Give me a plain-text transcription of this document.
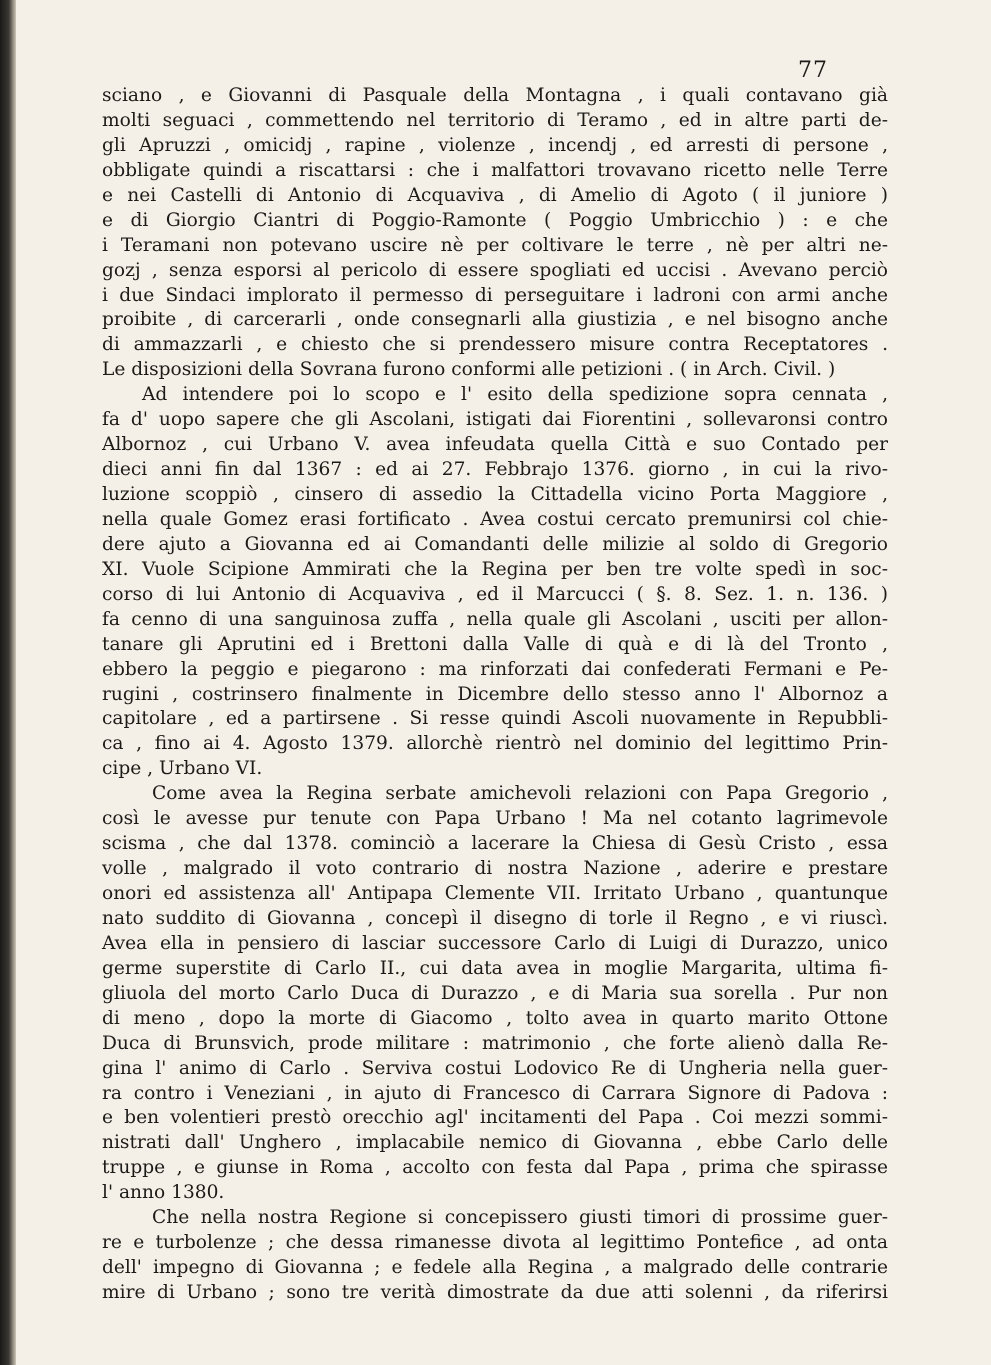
77
sciano , e Giovanni di Pasquale della Montagna , i quali contavano già
molti seguaci , commettendo nel territorio di Teramo , ed in altre parti de-
gli Apruzzi , omicidj , rapine , violenze , incendj , ed arresti di persone ,
obbligate quindi a riscattarsi : che i malfattori trovavano ricetto nelle Terre
e nei Castelli di Antonio di Acquaviva , di Amelio di Agoto ( il juniore )
e di Giorgio Ciantri di Poggio-Ramonte ( Poggio Umbricchio ) : e che
i Teramani non potevano uscire nè per coltivare le terre , nè per altri ne-
gozj , senza esporsi al pericolo di essere spogliati ed uccisi . Avevano perciò
i due Sindaci implorato il permesso di perseguitare i ladroni con armi anche
proibite , di carcerarli , onde consegnarli alla giustizia , e nel bisogno anche
di ammazzarli , e chiesto che si prendessero misure contra Receptatores .
Le disposizioni della Sovrana furono conformi alle petizioni . ( in Arch. Civil. )
Ad intendere poi lo scopo e l' esito della spedizione sopra cennata ,
fa d' uopo sapere che gli Ascolani, istigati dai Fiorentini , sollevaronsi contro
Albornoz , cui Urbano V. avea infeudata quella Città e suo Contado per
dieci anni fin dal 1367 : ed ai 27. Febbrajo 1376. giorno , in cui la rivo-
luzione scoppiò , cinsero di assedio la Cittadella vicino Porta Maggiore ,
nella quale Gomez erasi fortificato . Avea costui cercato premunirsi col chie-
dere ajuto a Giovanna ed ai Comandanti delle milizie al soldo di Gregorio
XI. Vuole Scipione Ammirati che la Regina per ben tre volte spedì in soc-
corso di lui Antonio di Acquaviva , ed il Marcucci ( §. 8. Sez. 1. n. 136. )
fa cenno di una sanguinosa zuffa , nella quale gli Ascolani , usciti per allon-
tanare gli Aprutini ed i Brettoni dalla Valle di quà e di là del Tronto ,
ebbero la peggio e piegarono : ma rinforzati dai confederati Fermani e Pe-
rugini , costrinsero finalmente in Dicembre dello stesso anno l' Albornoz a
capitolare , ed a partirsene . Si resse quindi Ascoli nuovamente in Repubbli-
ca , fino ai 4. Agosto 1379. allorchè rientrò nel dominio del legittimo Prin-
cipe , Urbano VI.
Come avea la Regina serbate amichevoli relazioni con Papa Gregorio ,
così le avesse pur tenute con Papa Urbano ! Ma nel cotanto lagrimevole
scisma , che dal 1378. cominciò a lacerare la Chiesa di Gesù Cristo , essa
volle , malgrado il voto contrario di nostra Nazione , aderire e prestare
onori ed assistenza all' Antipapa Clemente VII. Irritato Urbano , quantunque
nato suddito di Giovanna , concepì il disegno di torle il Regno , e vi riuscì.
Avea ella in pensiero di lasciar successore Carlo di Luigi di Durazzo, unico
germe superstite di Carlo II., cui data avea in moglie Margarita, ultima fi-
gliuola del morto Carlo Duca di Durazzo , e di Maria sua sorella . Pur non
di meno , dopo la morte di Giacomo , tolto avea in quarto marito Ottone
Duca di Brunsvich, prode militare : matrimonio , che forte alienò dalla Re-
gina l' animo di Carlo . Serviva costui Lodovico Re di Ungheria nella guer-
ra contro i Veneziani , in ajuto di Francesco di Carrara Signore di Padova :
e ben volentieri prestò orecchio agl' incitamenti del Papa . Coi mezzi sommi-
nistrati dall' Unghero , implacabile nemico di Giovanna , ebbe Carlo delle
truppe , e giunse in Roma , accolto con festa dal Papa , prima che spirasse
l' anno 1380.
Che nella nostra Regione si concepissero giusti timori di prossime guer-
re e turbolenze ; che dessa rimanesse divota al legittimo Pontefice , ad onta
dell' impegno di Giovanna ; e fedele alla Regina , a malgrado delle contrarie
mire di Urbano ; sono tre verità dimostrate da due atti solenni , da riferirsi
